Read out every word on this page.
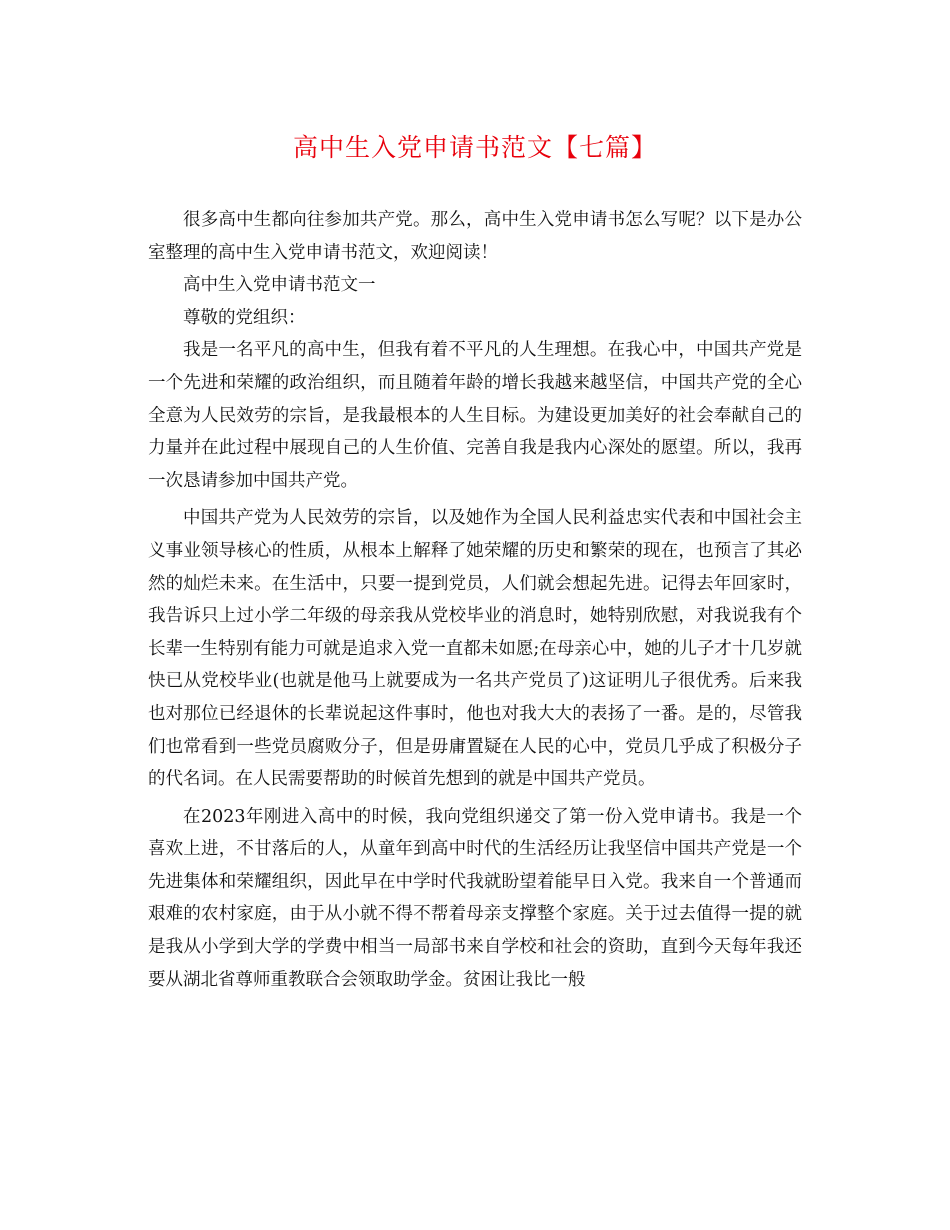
高中生入党申请书范文【七篇】

很多高中生都向往参加共产党。那么，高中生入党申请书怎么写呢？以下是办公室整理的高中生入党申请书范文，欢迎阅读！

高中生入党申请书范文一

尊敬的党组织：

我是一名平凡的高中生，但我有着不平凡的人生理想。在我心中，中国共产党是一个先进和荣耀的政治组织，而且随着年龄的增长我越来越坚信，中国共产党的全心全意为人民效劳的宗旨，是我最根本的人生目标。为建设更加美好的社会奉献自己的力量并在此过程中展现自己的人生价值、完善自我是我内心深处的愿望。所以，我再一次恳请参加中国共产党。

中国共产党为人民效劳的宗旨，以及她作为全国人民利益忠实代表和中国社会主义事业领导核心的性质，从根本上解释了她荣耀的历史和繁荣的现在，也预言了其必然的灿烂未来。在生活中，只要一提到党员，人们就会想起先进。记得去年回家时，我告诉只上过小学二年级的母亲我从党校毕业的消息时，她特别欣慰，对我说我有个长辈一生特别有能力可就是追求入党一直都未如愿;在母亲心中，她的儿子才十几岁就快已从党校毕业(也就是他马上就要成为一名共产党员了)这证明儿子很优秀。后来我也对那位已经退休的长辈说起这件事时，他也对我大大的表扬了一番。是的，尽管我们也常看到一些党员腐败分子，但是毋庸置疑在人民的心中，党员几乎成了积极分子的代名词。在人民需要帮助的时候首先想到的就是中国共产党员。

在2023年刚进入高中的时候，我向党组织递交了第一份入党申请书。我是一个喜欢上进，不甘落后的人，从童年到高中时代的生活经历让我坚信中国共产党是一个先进集体和荣耀组织，因此早在中学时代我就盼望着能早日入党。我来自一个普通而艰难的农村家庭，由于从小就不得不帮着母亲支撑整个家庭。关于过去值得一提的就是我从小学到大学的学费中相当一局部书来自学校和社会的资助，直到今天每年我还要从湖北省尊师重教联合会领取助学金。贫困让我比一般
